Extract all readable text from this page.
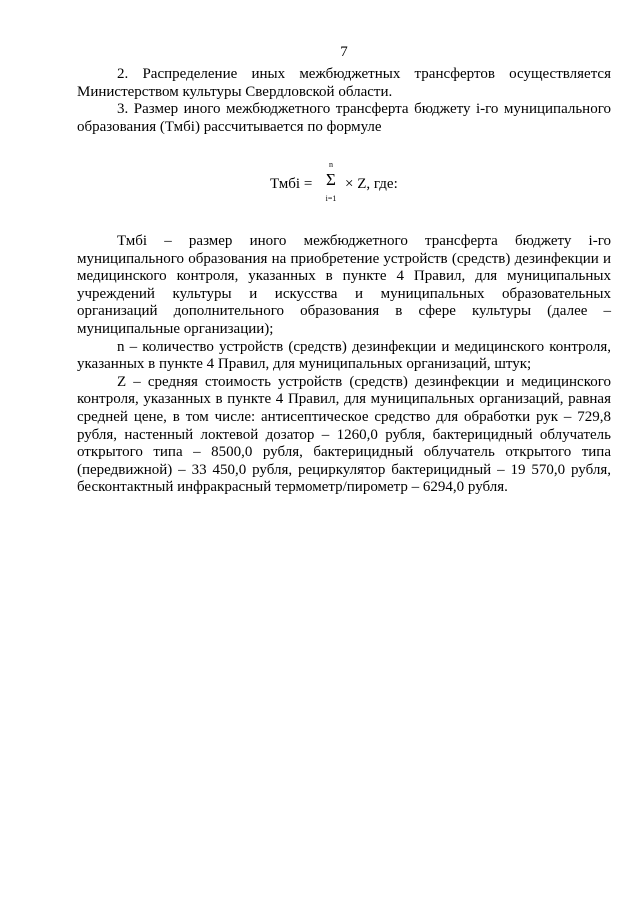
7

2. Распределение иных межбюджетных трансфертов осуществляется Министерством культуры Свердловской области.

3. Размер иного межбюджетного трансферта бюджету i-го муниципального образования (Тмбi) рассчитывается по формуле

Тмбi =
n
Σ
i=1
× Z, где:

Тмбi – размер иного межбюджетного трансферта бюджету i-го муниципального образования на приобретение устройств (средств) дезинфекции и медицинского контроля, указанных в пункте 4 Правил, для муниципальных учреждений культуры и искусства и муниципальных образовательных организаций дополнительного образования в сфере культуры (далее – муниципальные организации);

n – количество устройств (средств) дезинфекции и медицинского контроля, указанных в пункте 4 Правил, для муниципальных организаций, штук;

Z – средняя стоимость устройств (средств) дезинфекции и медицинского контроля, указанных в пункте 4 Правил, для муниципальных организаций, равная средней цене, в том числе: антисептическое средство для обработки рук – 729,8 рубля, настенный локтевой дозатор – 1260,0 рубля, бактерицидный облучатель открытого типа – 8500,0 рубля, бактерицидный облучатель открытого типа (передвижной) – 33 450,0 рубля, рециркулятор бактерицидный – 19 570,0 рубля, бесконтактный инфракрасный термометр/пирометр – 6294,0 рубля.
